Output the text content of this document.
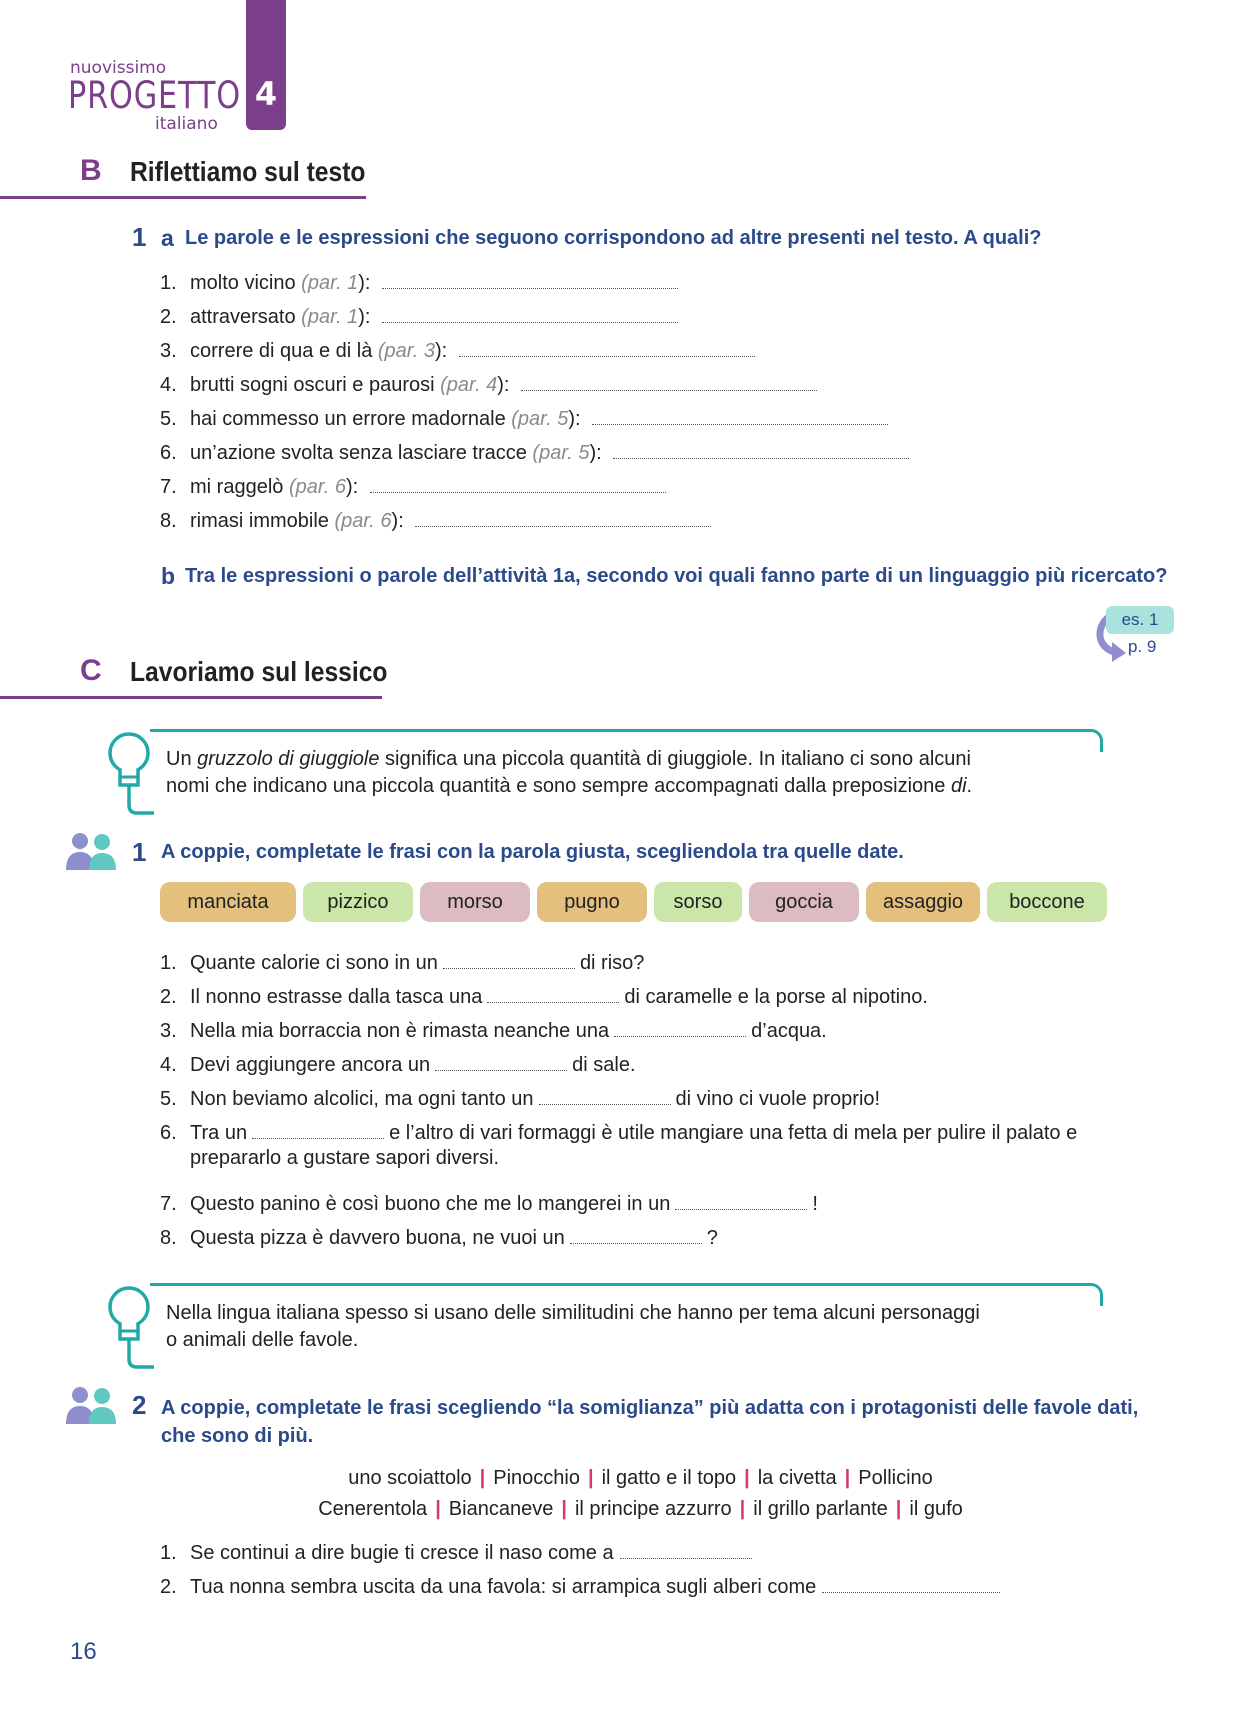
nuovissimo
PROGETTO
italiano
4
B Riflettiamo sul testo
1 a Le parole e le espressioni che seguono corrispondono ad altre presenti nel testo. A quali?
1. molto vicino (par. 1):
2. attraversato (par. 1):
3. correre di qua e di là (par. 3):
4. brutti sogni oscuri e paurosi (par. 4):
5. hai commesso un errore madornale (par. 5):
6. un’azione svolta senza lasciare tracce (par. 5):
7. mi raggelò (par. 6):
8. rimasi immobile (par. 6):
b Tra le espressioni o parole dell’attività 1a, secondo voi quali fanno parte di un linguaggio più ricercato?
es. 1
p. 9
C Lavoriamo sul lessico
Un gruzzolo di giuggiole significa una piccola quantità di giuggiole. In italiano ci sono alcuni
nomi che indicano una piccola quantità e sono sempre accompagnati dalla preposizione di.
1 A coppie, completate le frasi con la parola giusta, scegliendola tra quelle date.
manciata	pizzico	morso	pugno	sorso	goccia	assaggio	boccone
1. Quante calorie ci sono in un	di riso?
2. Il nonno estrasse dalla tasca una	di caramelle e la porse al nipotino.
3. Nella mia borraccia non è rimasta neanche una	d’acqua.
4. Devi aggiungere ancora un	di sale.
5. Non beviamo alcolici, ma ogni tanto un	di vino ci vuole proprio!
6. Tra un	e l’altro di vari formaggi è utile mangiare una fetta di mela per pulire il palato e
prepararlo a gustare sapori diversi.
7. Questo panino è così buono che me lo mangerei in un	!
8. Questa pizza è davvero buona, ne vuoi un	?
Nella lingua italiana spesso si usano delle similitudini che hanno per tema alcuni personaggi
o animali delle favole.
2 A coppie, completate le frasi scegliendo “la somiglianza” più adatta con i protagonisti delle favole dati,
che sono di più.
uno scoiattolo | Pinocchio | il gatto e il topo | la civetta | Pollicino
Cenerentola | Biancaneve | il principe azzurro | il grillo parlante | il gufo
1. Se continui a dire bugie ti cresce il naso come a
2. Tua nonna sembra uscita da una favola: si arrampica sugli alberi come
16
